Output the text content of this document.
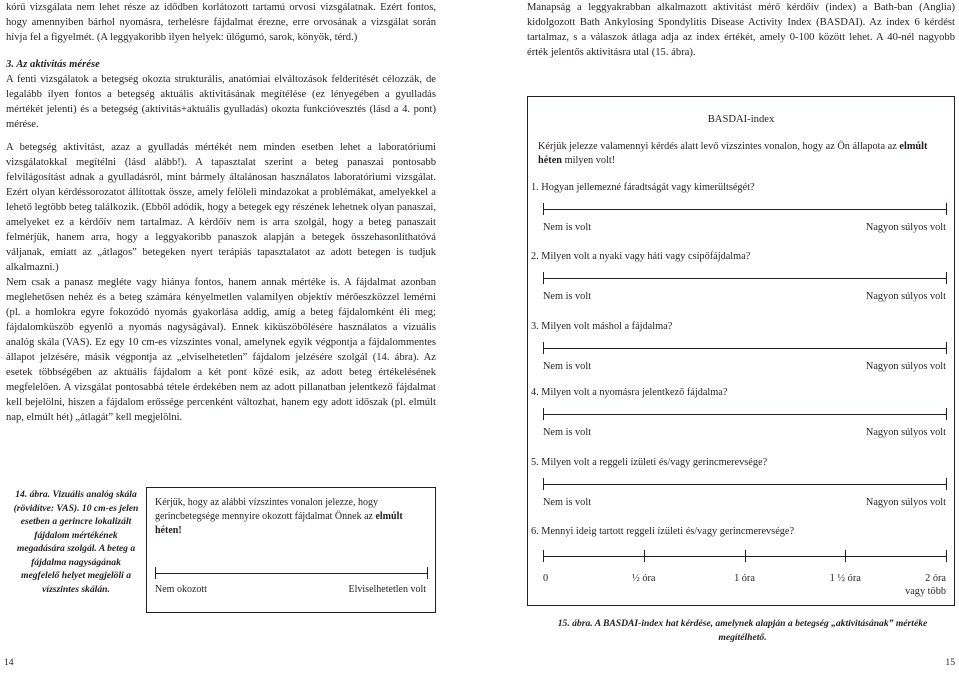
kórű vizsgálata nem lehet része az idődben korlátozott tartamú orvosi vizsgálatnak. Ezért fontos, hogy amennyiben bárhol nyomásra, terhelésre fájdalmat érezne, erre orvosának a vizsgálat során hívja fel a figyelmét. (A leggyakoribb ilyen helyek: ülőgumó, sarok, könyök, térd.)

3. Az aktivitás mérése

A fenti vizsgálatok a betegség okozta strukturális, anatómiai elváltozások felderítését célozzák, de legalább ilyen fontos a betegség aktuális aktivitásának megítélése (ez lényegében a gyulladás mértékét jelenti) és a betegség (aktivitás+aktuális gyulladás) okozta funkcióvesztés (lásd a 4. pont) mérése.

A betegség aktivitást, azaz a gyulladás mértékét nem minden esetben lehet a laboratóriumi vizsgálatokkal megítélni (lásd alább!). A tapasztalat szerint a beteg panaszai pontosabb felvilágosítást adnak a gyulladásról, mint bármely általánosan használatos laboratóriumi vizsgálat. Ezért olyan kérdéssorozatot állítottak össze, amely felöleli mindazokat a problémákat, amelyekkel a lehető legtöbb beteg találkozik. (Ebből adódik, hogy a betegek egy részének lehetnek olyan panaszai, amelyeket ez a kérdőív nem tartalmaz. A kérdőív nem is arra szolgál, hogy a beteg panaszait felmérjük, hanem arra, hogy a leggyakoribb panaszok alapján a betegek összehasonlíthatóvá váljanak, emiatt az „átlagos” betegeken nyert terápiás tapasztalatot az adott betegen is tudjuk alkalmazni.)

Nem csak a panasz megléte vagy hiánya fontos, hanem annak mértéke is. A fájdalmat azonban meglehetősen nehéz és a beteg számára kényelmetlen valamilyen objektív mérőeszközzel lemérni (pl. a homlokra egyre fokozódó nyomás gyakorlása addig, amíg a beteg fájdalomként éli meg; fájdalomküszöb egyenlő a nyomás nagyságával). Ennek kiküszöbölésére használatos a vizuális analóg skála (VAS). Ez egy 10 cm-es vízszintes vonal, amelynek egyik végpontja a fájdalommentes állapot jelzésére, másik végpontja az „elviselhetetlen” fájdalom jelzésére szolgál (14. ábra). Az esetek többségében az aktuális fájdalom a két pont közé esik, az adott beteg értékelésének megfelelően. A vizsgálat pontosabbá tétele érdekében nem az adott pillanatban jelentkező fájdalmat kell bejelölni, hiszen a fájdalom erőssége percenként változhat, hanem egy adott időszak (pl. elmúlt nap, elmúlt hét) „átlagát” kell megjelölni.

14. ábra. Vizuális analóg skála (rövidítve: VAS). 10 cm-es jelen esetben a gerincre lokalizált fájdalom mértékének megadására szolgál. A beteg a fájdalma nagyságának megfelelő helyet megjelöli a vízszintes skálán.
Kérjük, hogy az alábbi vízszintes vonalon jelezze, hogy gerincbetegsége mennyire okozott fájdalmat Önnek az elmúlt héten!
Nem okozott	Elviselhetetlen volt

Manapság a leggyakrabban alkalmazott aktivitást mérő kérdőív (index) a Bath-ban (Anglia) kidolgozott Bath Ankylosing Spondylitis Disease Activity Index (BASDAI). Az index 6 kérdést tartalmaz, s a válaszok átlaga adja az index értékét, amely 0-100 között lehet. A 40-nél nagyobb érték jelentős aktivitásra utal (15. ábra).

BASDAI-index
Kérjük jelezze valamennyi kérdés alatt levő vízszintes vonalon, hogy az Ön állapota az elmúlt héten milyen volt!
1. Hogyan jellemezné fáradtságát vagy kimerültségét?
Nem is volt	Nagyon súlyos volt
2. Milyen volt a nyaki vagy háti vagy csípőfájdalma?
Nem is volt	Nagyon súlyos volt
3. Milyen volt máshol a fájdalma?
Nem is volt	Nagyon súlyos volt
4. Milyen volt a nyomásra jelentkező fájdalma?
Nem is volt	Nagyon súlyos volt
5. Milyen volt a reggeli ízületi és/vagy gerincmerevsége?
Nem is volt	Nagyon súlyos volt
6. Mennyi ideig tartott reggeli ízületi és/vagy gerincmerevsége?
0	½ óra	1 óra	1 ½ óra	2 óra
vagy több
15. ábra. A BASDAI-index hat kérdése, amelynek alapján a betegség „aktivitásának” mértéke megítélhető.
14	15
